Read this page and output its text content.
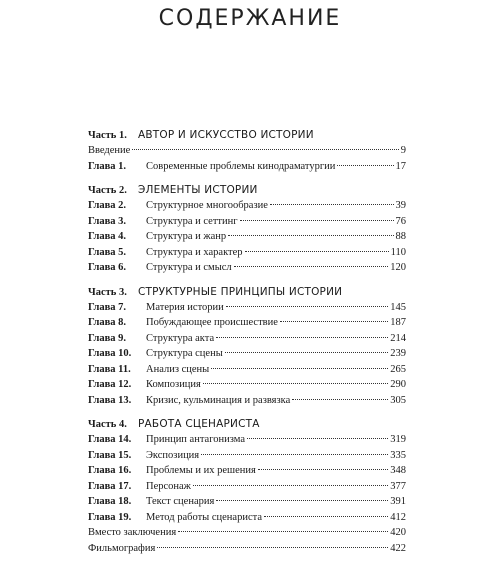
СОДЕРЖАНИЕ
Часть 1.	АВТОР И ИСКУССТВО ИСТОРИИ
Введение	9
Глава 1.	Современные проблемы кинодраматургии	17
Часть 2.	ЭЛЕМЕНТЫ ИСТОРИИ
Глава 2.	Структурное многообразие	39
Глава 3.	Структура и сеттинг	76
Глава 4.	Структура и жанр	88
Глава 5.	Структура и характер	110
Глава 6.	Структура и смысл	120
Часть 3.	СТРУКТУРНЫЕ ПРИНЦИПЫ ИСТОРИИ
Глава 7.	Материя истории	145
Глава 8.	Побуждающее происшествие	187
Глава 9.	Структура акта	214
Глава 10.	Структура сцены	239
Глава 11.	Анализ сцены	265
Глава 12.	Композиция	290
Глава 13.	Кризис, кульминация и развязка	305
Часть 4.	РАБОТА СЦЕНАРИСТА
Глава 14.	Принцип антагонизма	319
Глава 15.	Экспозиция	335
Глава 16.	Проблемы и их решения	348
Глава 17.	Персонаж	377
Глава 18.	Текст сценария	391
Глава 19.	Метод работы сценариста	412
Вместо заключения	420
Фильмография	422
